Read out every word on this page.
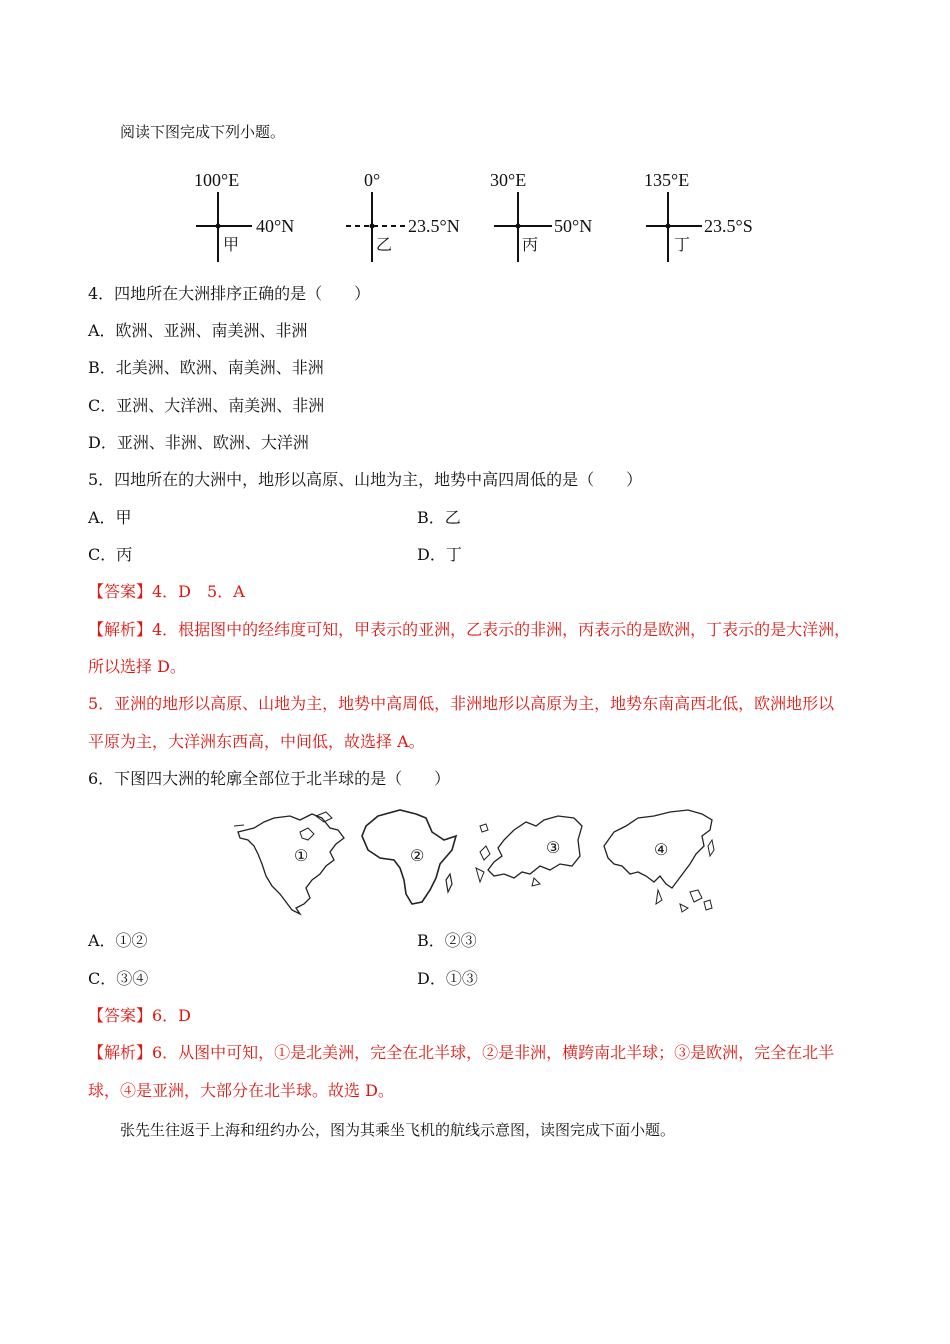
阅读下图完成下列小题。
100°E
40°N
甲
0°
23.5°N
乙
30°E
50°N
丙
135°E
23.5°S
丁
4．四地所在大洲排序正确的是（　　）
A．欧洲、亚洲、南美洲、非洲
B．北美洲、欧洲、南美洲、非洲
C．亚洲、大洋洲、南美洲、非洲
D．亚洲、非洲、欧洲、大洋洲
5．四地所在的大洲中，地形以高原、山地为主，地势中高四周低的是（　　）
A．甲	B．乙
C．丙	D．丁
【答案】4．D　5．A
【解析】4．根据图中的经纬度可知，甲表示的亚洲，乙表示的非洲，丙表示的是欧洲，丁表示的是大洋洲，
所以选择 D。
5．亚洲的地形以高原、山地为主，地势中高周低，非洲地形以高原为主，地势东南高西北低，欧洲地形以
平原为主，大洋洲东西高，中间低，故选择 A。
6．下图四大洲的轮廓全部位于北半球的是（　　）
①	②	③	④
A．①②	B．②③
C．③④	D．①③
【答案】6．D
【解析】6．从图中可知，①是北美洲，完全在北半球，②是非洲，横跨南北半球；③是欧洲，完全在北半
球，④是亚洲，大部分在北半球。故选 D。
张先生往返于上海和纽约办公，图为其乘坐飞机的航线示意图，读图完成下面小题。
